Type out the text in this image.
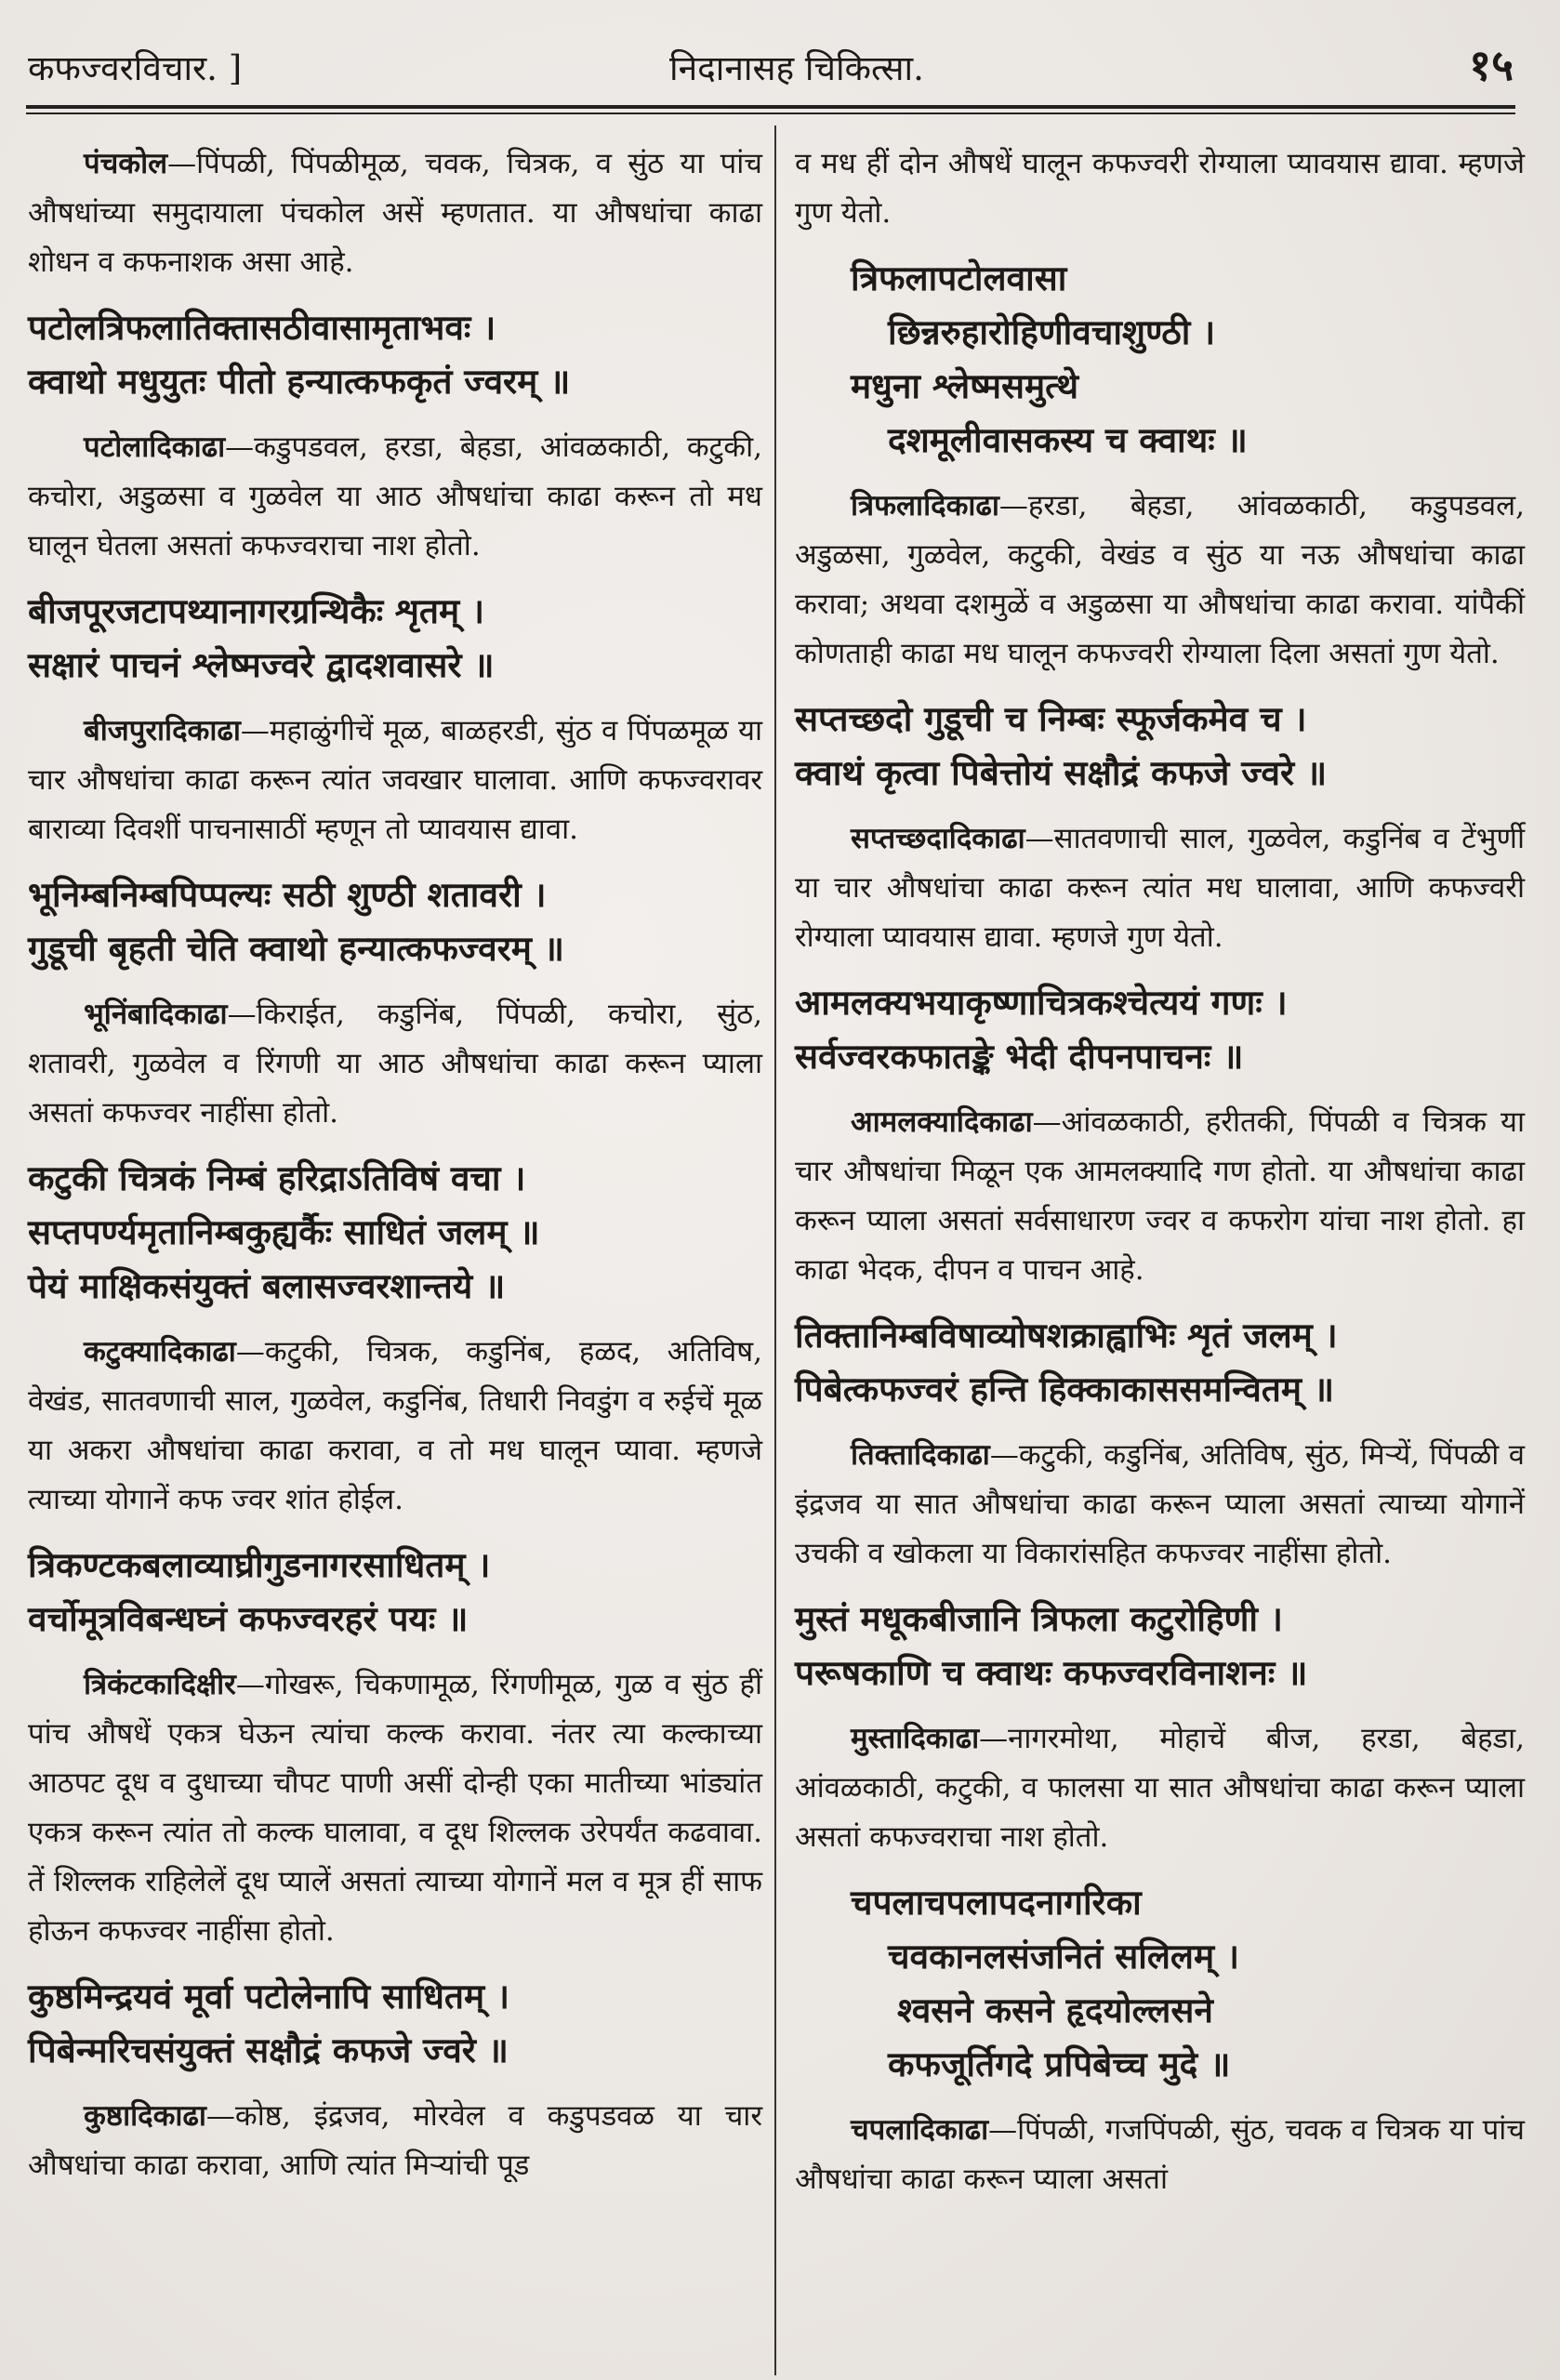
कफज्वरविचार. ]	निदानासह चिकित्सा.	१५

पंचकोल—पिंपळी, पिंपळीमूळ, चवक, चित्रक, व सुंठ या पांच औषधांच्या समुदायाला पंचकोल असें म्हणतात. या औषधांचा काढा शोधन व कफनाशक असा आहे.

पटोलत्रिफलातिक्तासठीवासामृताभवः ।
क्वाथो मधुयुतः पीतो हन्यात्कफकृतं ज्वरम् ॥

पटोलादिकाढा—कडुपडवल, हरडा, बेहडा, आंवळकाठी, कटुकी, कचोरा, अडुळसा व गुळवेल या आठ औषधांचा काढा करून तो मध घालून घेतला असतां कफज्वराचा नाश होतो.

बीजपूरजटापथ्यानागरग्रन्थिकैः शृतम् ।
सक्षारं पाचनं श्लेष्मज्वरे द्वादशवासरे ॥

बीजपुरादिकाढा—महाळुंगीचें मूळ, बाळहरडी, सुंठ व पिंपळमूळ या चार औषधांचा काढा करून त्यांत जवखार घालावा. आणि कफज्वरावर बाराव्या दिवशीं पाचनासाठीं म्हणून तो प्यावयास द्यावा.

भूनिम्बनिम्बपिप्पल्यः सठी शुण्ठी शतावरी ।
गुडूची बृहती चेति क्वाथो हन्यात्कफज्वरम् ॥

भूनिंबादिकाढा—किराईत, कडुनिंब, पिंपळी, कचोरा, सुंठ, शतावरी, गुळवेल व रिंगणी या आठ औषधांचा काढा करून प्याला असतां कफज्वर नाहींसा होतो.

कटुकी चित्रकं निम्बं हरिद्राऽतिविषं वचा ।
सप्तपर्ण्यमृतानिम्बकुह्यर्कैः साधितं जलम् ॥
पेयं माक्षिकसंयुक्तं बलासज्वरशान्तये ॥

कटुक्यादिकाढा—कटुकी, चित्रक, कडुनिंब, हळद, अतिविष, वेखंड, सातवणाची साल, गुळवेल, कडुनिंब, तिधारी निवडुंग व रुईचें मूळ या अकरा औषधांचा काढा करावा, व तो मध घालून प्यावा. म्हणजे त्याच्या योगानें कफ ज्वर शांत होईल.

त्रिकण्टकबलाव्याघ्रीगुडनागरसाधितम् ।
वर्चोमूत्रविबन्धघ्नं कफज्वरहरं पयः ॥

त्रिकंटकादिक्षीर—गोखरू, चिकणामूळ, रिंगणीमूळ, गुळ व सुंठ हीं पांच औषधें एकत्र घेऊन त्यांचा कल्क करावा. नंतर त्या कल्काच्या आठपट दूध व दुधाच्या चौपट पाणी असीं दोन्ही एका मातीच्या भांड्यांत एकत्र करून त्यांत तो कल्क घालावा, व दूध शिल्लक उरेपर्यंत कढवावा. तें शिल्लक राहिलेलें दूध प्यालें असतां त्याच्या योगानें मल व मूत्र हीं साफ होऊन कफज्वर नाहींसा होतो.

कुष्ठमिन्द्रयवं मूर्वा पटोलेनापि साधितम् ।
पिबेन्मरिचसंयुक्तं सक्षौद्रं कफजे ज्वरे ॥

कुष्ठादिकाढा—कोष्ठ, इंद्रजव, मोरवेल व कडुपडवळ या चार औषधांचा काढा करावा, आणि त्यांत मिऱ्यांची पूड

व मध हीं दोन औषधें घालून कफज्वरी रोग्याला प्यावयास द्यावा. म्हणजे गुण येतो.

त्रिफलापटोलवासा
छिन्नरुहारोहिणीवचाशुण्ठी ।
मधुना श्लेष्मसमुत्थे
दशमूलीवासकस्य च क्वाथः ॥

त्रिफलादिकाढा—हरडा, बेहडा, आंवळकाठी, कडुपडवल, अडुळसा, गुळवेल, कटुकी, वेखंड व सुंठ या नऊ औषधांचा काढा करावा; अथवा दशमुळें व अडुळसा या औषधांचा काढा करावा. यांपैकीं कोणताही काढा मध घालून कफज्वरी रोग्याला दिला असतां गुण येतो.

सप्तच्छदो गुडूची च निम्बः स्फूर्जकमेव च ।
क्वाथं कृत्वा पिबेत्तोयं सक्षौद्रं कफजे ज्वरे ॥

सप्तच्छदादिकाढा—सातवणाची साल, गुळवेल, कडुनिंब व टेंभुर्णी या चार औषधांचा काढा करून त्यांत मध घालावा, आणि कफज्वरी रोग्याला प्यावयास द्यावा. म्हणजे गुण येतो.

आमलक्यभयाकृष्णाचित्रकश्चेत्ययं गणः ।
सर्वज्वरकफातङ्के भेदी दीपनपाचनः ॥

आमलक्यादिकाढा—आंवळकाठी, हरीतकी, पिंपळी व चित्रक या चार औषधांचा मिळून एक आमलक्यादि गण होतो. या औषधांचा काढा करून प्याला असतां सर्वसाधारण ज्वर व कफरोग यांचा नाश होतो. हा काढा भेदक, दीपन व पाचन आहे.

तिक्तानिम्बविषाव्योषशक्राह्वाभिः शृतं जलम् ।
पिबेत्कफज्वरं हन्ति हिक्काकाससमन्वितम् ॥

तिक्तादिकाढा—कटुकी, कडुनिंब, अतिविष, सुंठ, मिऱ्यें, पिंपळी व इंद्रजव या सात औषधांचा काढा करून प्याला असतां त्याच्या योगानें उचकी व खोकला या विकारांसहित कफज्वर नाहींसा होतो.

मुस्तं मधूकबीजानि त्रिफला कटुरोहिणी ।
परूषकाणि च क्वाथः कफज्वरविनाशनः ॥

मुस्तादिकाढा—नागरमोथा, मोहाचें बीज, हरडा, बेहडा, आंवळकाठी, कटुकी, व फालसा या सात औषधांचा काढा करून प्याला असतां कफज्वराचा नाश होतो.

चपलाचपलापदनागरिका
चवकानलसंजनितं सलिलम् ।
श्वसने कसने हृदयोल्लसने
कफजूर्तिगदे प्रपिबेच्च मुदे ॥

चपलादिकाढा—पिंपळी, गजपिंपळी, सुंठ, चवक व चित्रक या पांच औषधांचा काढा करून प्याला असतां
